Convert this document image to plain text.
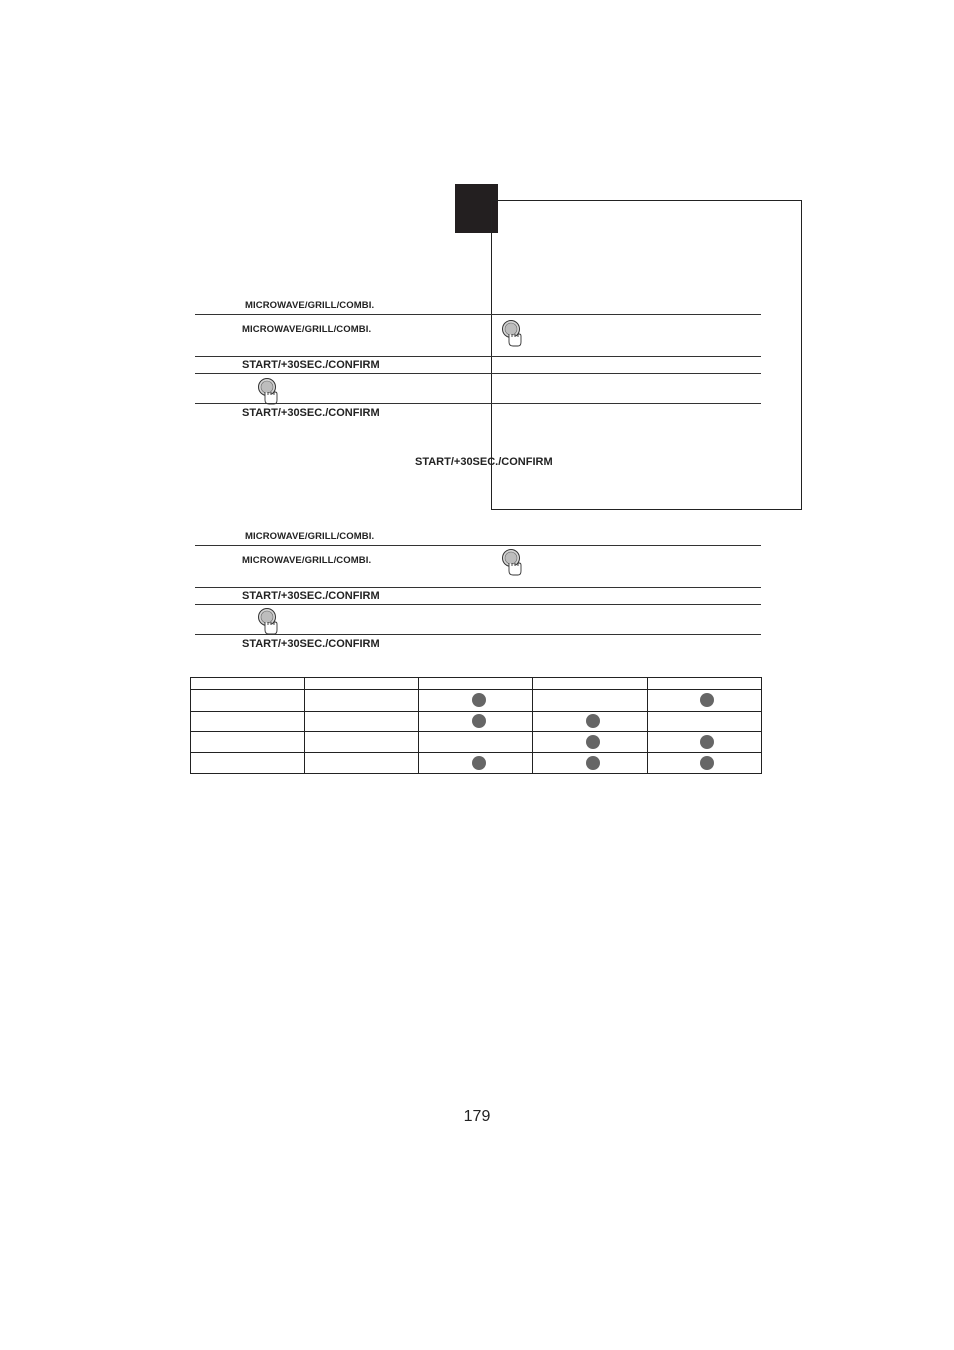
MICROWAVE/GRILL/COMBI.
MICROWAVE/GRILL/COMBI.
START/+30SEC./CONFIRM
START/+30SEC./CONFIRM
START/+30SEC./CONFIRM
MICROWAVE/GRILL/COMBI.
MICROWAVE/GRILL/COMBI.
START/+30SEC./CONFIRM
START/+30SEC./CONFIRM
179
